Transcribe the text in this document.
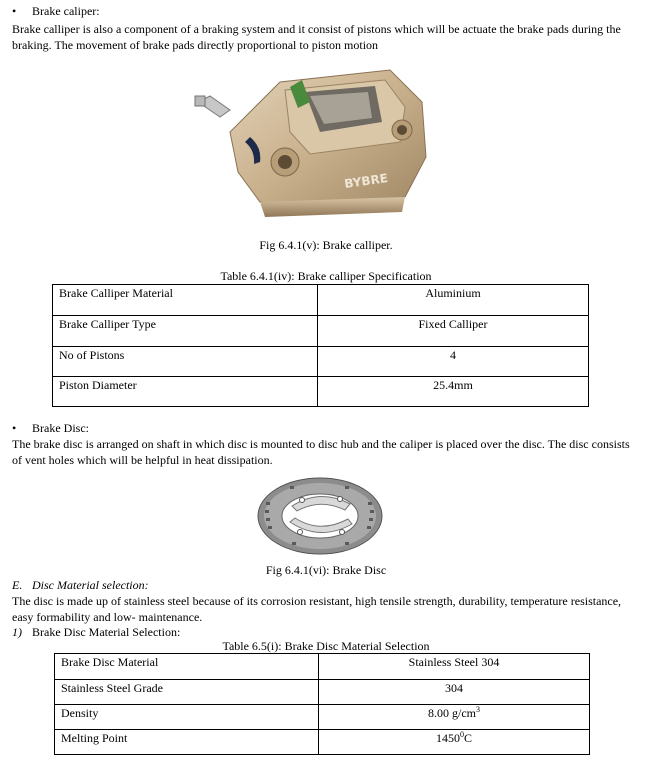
• Brake caliper:
Brake calliper is also a component of a braking system and it consist of pistons which will be actuate the brake pads during the braking. The movement of brake pads directly proportional to piston motion
BYBRE
Fig 6.4.1(v): Brake calliper.
Table 6.4.1(iv): Brake calliper Specification
Brake Calliper Material	Aluminium
Brake Calliper Type	Fixed Calliper
No of Pistons	4
Piston Diameter	25.4mm
• Brake Disc:
The brake disc is arranged on shaft in which disc is mounted to disc hub and the caliper is placed over the disc. The disc consists of vent holes which will be helpful in heat dissipation.
Fig 6.4.1(vi): Brake Disc
E. Disc Material selection:
The disc is made up of stainless steel because of its corrosion resistant, high tensile strength, durability, temperature resistance, easy formability and low- maintenance.
1) Brake Disc Material Selection:
Table 6.5(i): Brake Disc Material Selection
Brake Disc Material	Stainless Steel 304
Stainless Steel Grade	304
Density	8.00 $g/cm^3$
Melting Point	1450$^0$C
